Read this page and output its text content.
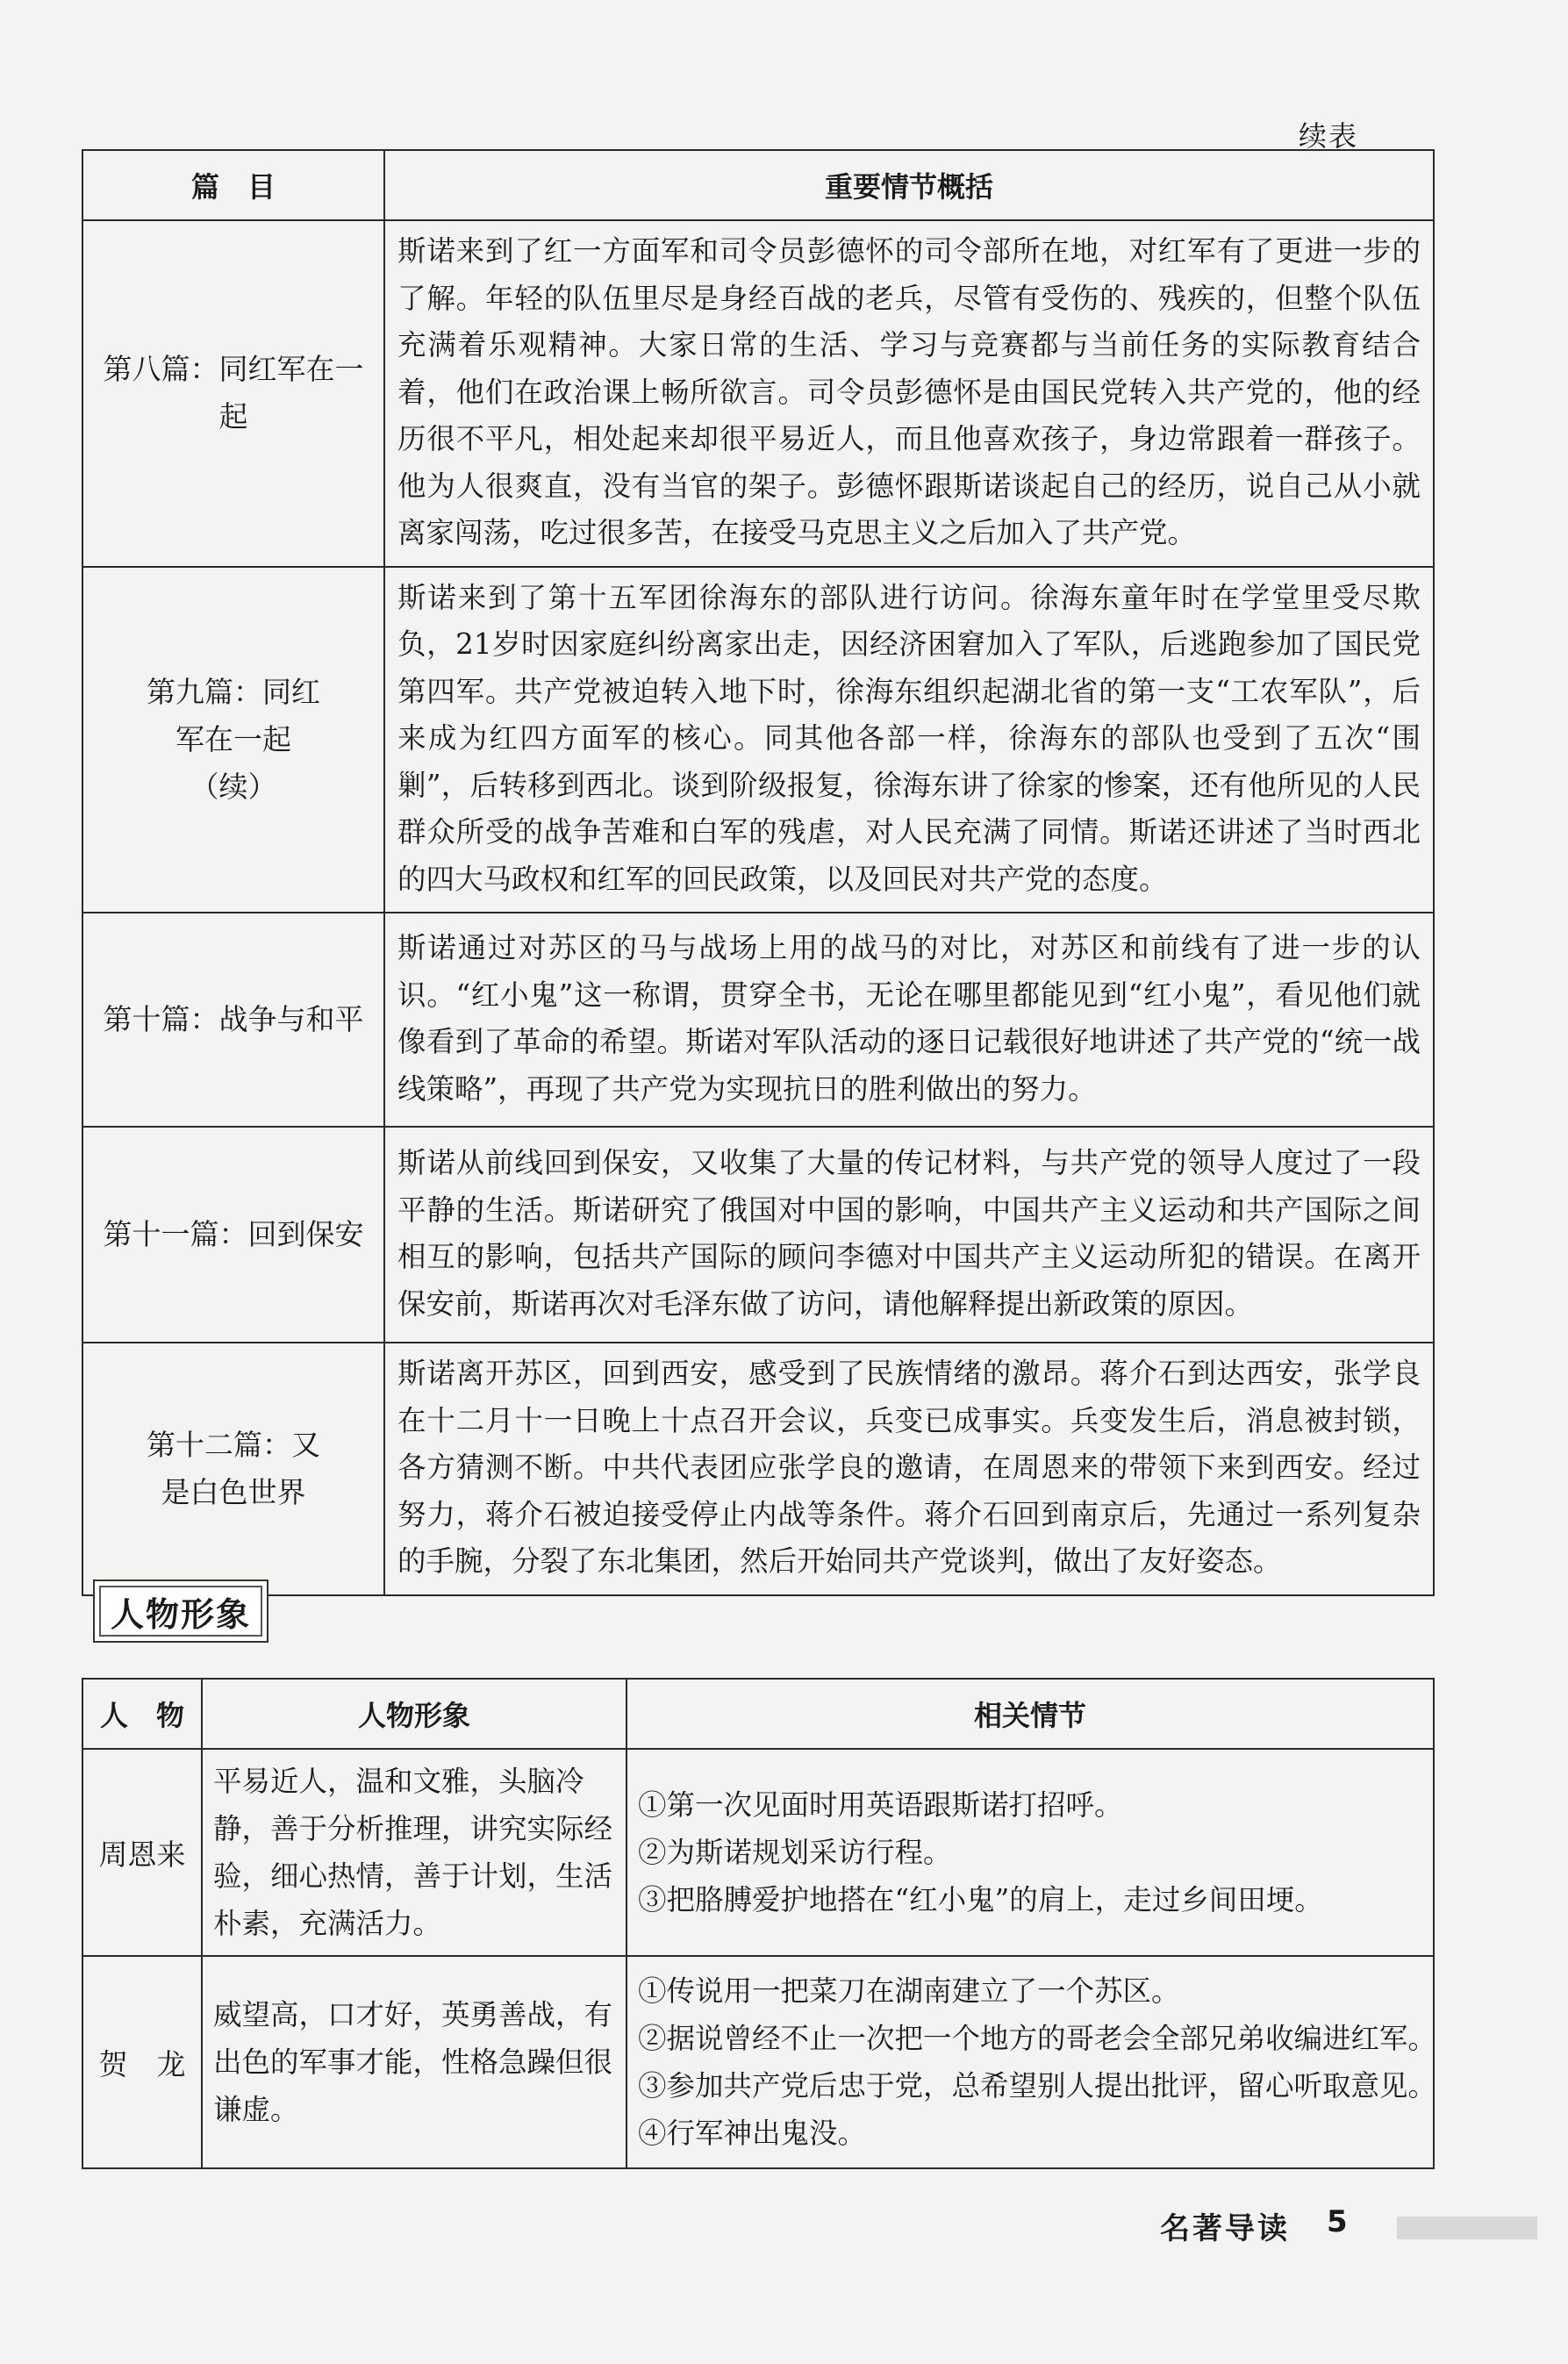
续表
篇　目	重要情节概括
第八篇：同红军在一起	斯诺来到了红一方面军和司令员彭德怀的司令部所在地，对红军有了更进一步的了解。年轻的队伍里尽是身经百战的老兵，尽管有受伤的、残疾的，但整个队伍充满着乐观精神。大家日常的生活、学习与竞赛都与当前任务的实际教育结合着，他们在政治课上畅所欲言。司令员彭德怀是由国民党转入共产党的，他的经历很不平凡，相处起来却很平易近人，而且他喜欢孩子，身边常跟着一群孩子。他为人很爽直，没有当官的架子。彭德怀跟斯诺谈起自己的经历，说自己从小就离家闯荡，吃过很多苦，在接受马克思主义之后加入了共产党。
第九篇：同红军在一起（续）	斯诺来到了第十五军团徐海东的部队进行访问。徐海东童年时在学堂里受尽欺负，21岁时因家庭纠纷离家出走，因经济困窘加入了军队，后逃跑参加了国民党第四军。共产党被迫转入地下时，徐海东组织起湖北省的第一支“工农军队”，后来成为红四方面军的核心。同其他各部一样，徐海东的部队也受到了五次“围剿”，后转移到西北。谈到阶级报复，徐海东讲了徐家的惨案，还有他所见的人民群众所受的战争苦难和白军的残虐，对人民充满了同情。斯诺还讲述了当时西北的四大马政权和红军的回民政策，以及回民对共产党的态度。
第十篇：战争与和平	斯诺通过对苏区的马与战场上用的战马的对比，对苏区和前线有了进一步的认识。“红小鬼”这一称谓，贯穿全书，无论在哪里都能见到“红小鬼”，看见他们就像看到了革命的希望。斯诺对军队活动的逐日记载很好地讲述了共产党的“统一战线策略”，再现了共产党为实现抗日的胜利做出的努力。
第十一篇：回到保安	斯诺从前线回到保安，又收集了大量的传记材料，与共产党的领导人度过了一段平静的生活。斯诺研究了俄国对中国的影响，中国共产主义运动和共产国际之间相互的影响，包括共产国际的顾问李德对中国共产主义运动所犯的错误。在离开保安前，斯诺再次对毛泽东做了访问，请他解释提出新政策的原因。
第十二篇：又是白色世界	斯诺离开苏区，回到西安，感受到了民族情绪的激昂。蒋介石到达西安，张学良在十二月十一日晚上十点召开会议，兵变已成事实。兵变发生后，消息被封锁，各方猜测不断。中共代表团应张学良的邀请，在周恩来的带领下来到西安。经过努力，蒋介石被迫接受停止内战等条件。蒋介石回到南京后，先通过一系列复杂的手腕，分裂了东北集团，然后开始同共产党谈判，做出了友好姿态。
人物形象
人　物	人物形象	相关情节
周恩来	平易近人，温和文雅，头脑冷静，善于分析推理，讲究实际经验，细心热情，善于计划，生活朴素，充满活力。	①第一次见面时用英语跟斯诺打招呼。
②为斯诺规划采访行程。
③把胳膊爱护地搭在“红小鬼”的肩上，走过乡间田埂。

贺　龙	威望高，口才好，英勇善战，有出色的军事才能，性格急躁但很谦虚。	①传说用一把菜刀在湖南建立了一个苏区。
②据说曾经不止一次把一个地方的哥老会全部兄弟收编进红军。
③参加共产党后忠于党，总希望别人提出批评，留心听取意见。
④行军神出鬼没。
名著导读 5
